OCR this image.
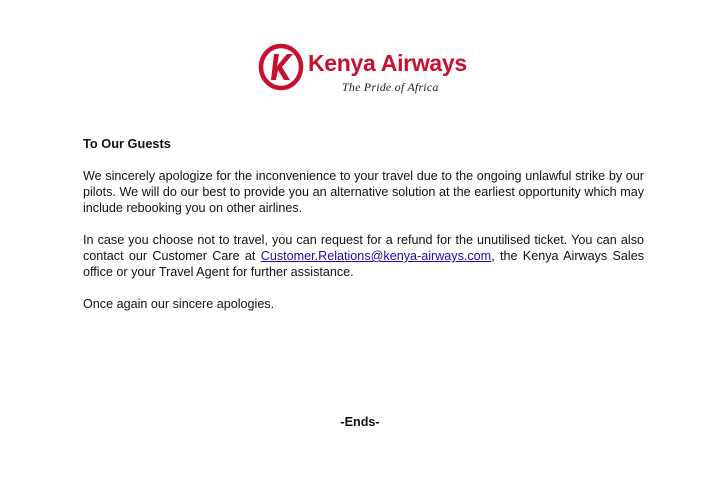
Kenya Airways
The Pride of Africa
To Our Guests

We sincerely apologize for the inconvenience to your travel due to the ongoing unlawful strike by our pilots. We will do our best to provide you an alternative solution at the earliest opportunity which may include rebooking you on other airlines.

In case you choose not to travel, you can request for a refund for the unutilised ticket. You can also contact our Customer Care at Customer.Relations@kenya-airways.com, the Kenya Airways Sales office or your Travel Agent for further assistance.

Once again our sincere apologies.

-Ends-
